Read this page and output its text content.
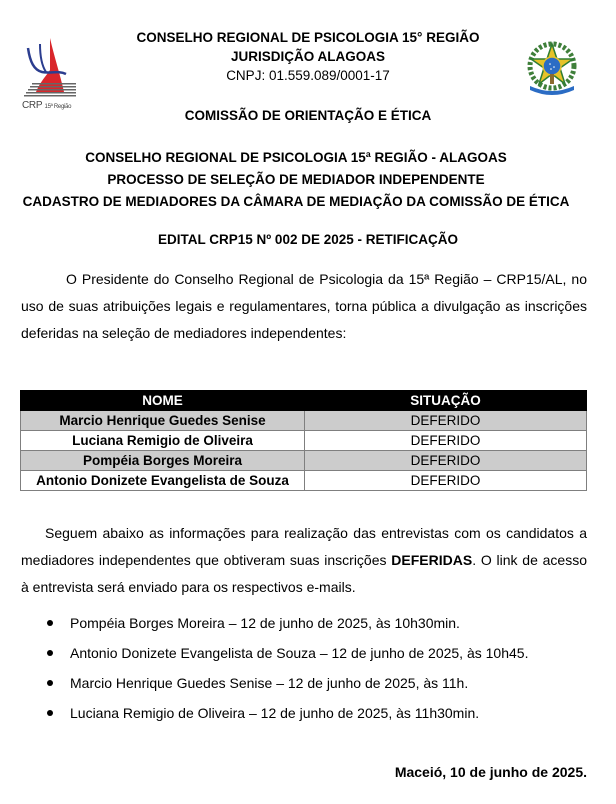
CRP 15ª Região
CONSELHO REGIONAL DE PSICOLOGIA 15° REGIÃO
JURISDIÇÃO ALAGOAS
CNPJ: 01.559.089/0001-17
COMISSÃO DE ORIENTAÇÃO E ÉTICA
CONSELHO REGIONAL DE PSICOLOGIA 15ª REGIÃO - ALAGOAS
PROCESSO DE SELEÇÃO DE MEDIADOR INDEPENDENTE
CADASTRO DE MEDIADORES DA CÂMARA DE MEDIAÇÃO DA COMISSÃO DE ÉTICA
EDITAL CRP15 Nº 002 DE 2025 - RETIFICAÇÃO
O Presidente do Conselho Regional de Psicologia da 15ª Região – CRP15/AL, no uso de suas atribuições legais e regulamentares, torna pública a divulgação as inscrições deferidas na seleção de mediadores independentes:
NOME	SITUAÇÃO
Marcio Henrique Guedes Senise	DEFERIDO
Luciana Remigio de Oliveira	DEFERIDO
Pompéia Borges Moreira	DEFERIDO
Antonio Donizete Evangelista de Souza	DEFERIDO
Seguem abaixo as informações para realização das entrevistas com os candidatos a mediadores independentes que obtiveram suas inscrições DEFERIDAS. O link de acesso à entrevista será enviado para os respectivos e-mails.
Pompéia Borges Moreira – 12 de junho de 2025, às 10h30min.
Antonio Donizete Evangelista de Souza – 12 de junho de 2025, às 10h45.
Marcio Henrique Guedes Senise – 12 de junho de 2025, às 11h.
Luciana Remigio de Oliveira – 12 de junho de 2025, às 11h30min.
Maceió, 10 de junho de 2025.
